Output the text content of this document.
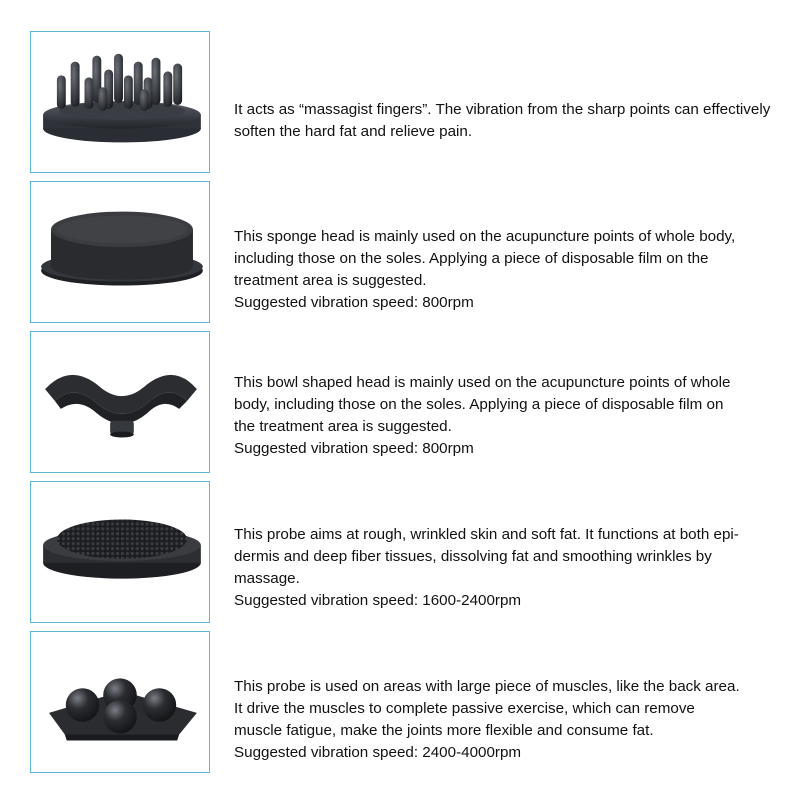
It acts as “massagist fingers”. The vibration from the sharp points can effectively
soften the hard fat and relieve pain.
This sponge head is mainly used on the acupuncture points of whole body,
including those on the soles. Applying a piece of disposable film on the
treatment area is suggested.
Suggested vibration speed: 800rpm
This bowl shaped head is mainly used on the acupuncture points of whole
body, including those on the soles. Applying a piece of disposable film on
the treatment area is suggested.
Suggested vibration speed: 800rpm
This probe aims at rough, wrinkled skin and soft fat. It functions at both epi-
dermis and deep fiber tissues, dissolving fat and smoothing wrinkles by
massage.
Suggested vibration speed: 1600-2400rpm
This probe is used on areas with large piece of muscles, like the back area.
It drive the muscles to complete passive exercise, which can remove
muscle fatigue, make the joints more flexible and consume fat.
Suggested vibration speed: 2400-4000rpm
